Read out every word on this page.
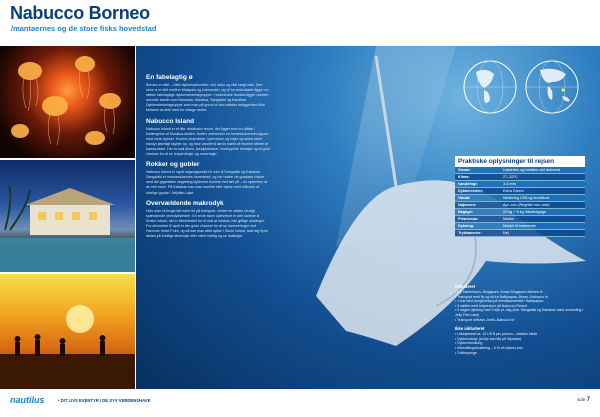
Nabucco Borneo
/mantaernes og de store fisks hovedstad
En fabelagtig ø

Borneo er vildt – vilde dykkeroplevelser, vild natur og vildt langt væk. Den store ø er delt mellem Malaysia og Indonesien, og vil for entusiaster ligger en række fabelagtige dykkersteder/øgrupper. I Indonesisk farvand ligger næsten ukendte steder som Derawan, Maratua, Sangalaki og Kakaban. Dykkersteder/øgrupper som man på grund af den afsides beliggenhed ikke behøver at dele med for mange andre.

Nabucco Island

Nabucco Island er et lille, eksklusivt resort, der ligger som en dråbe i forlængelse af Maratua-atollen. Anden omkranser en forsteskolvrreret lagune med store dybder. Hvorfra amervirker, tyrenokker og hajer og andre store havdyr jævnligt skyder op, og hvor vandet til tørvis mørkt af enorme stimer af barracudaer. Her er wall dives, koralplateauer, hvoltippede revhajer og et godt chancer for at se leopardhajer og nursehajer.

Rokker og gobler

Nabucco Island er også udgangspunkt for ture til Sangalaki og Kakaban. Sangalaki er mantarokkernes hovedstad, og her holder de graciøse rokker med del gigantiske vingefang dykkerne komme helt tæt på – en oplevelse af de helt store. På Kakaban kan man snorkle eller dykke med millioner af ufarlige goplar i Jellyfish Lake.

Overvældende makrodyk

Hvis man vil bruge lidt mere tid på transport, venter en række utroligt spændende oevedykstederr. En af de store oplevelser er den sunkne ø Snake Island, det er tilholdested for et utal af snakes, min giftige seslanger. Fra december til april er der gode chancer for at se hammerhajer ved Hammer Head Point, og så kan man altid dykke i Stone Island, lade sig flyne afsted på kraftige strømdyk eller være heldig og se hvalhajer.

Praktiske oplysninger til rejsen
Visum:	Udstedes og betales ved ankomst
Klima:	27–33°C
Vanddragt:	3-5 mm
Dykkercenter:	Extra Divers
Valuta:	Medbring US$ og kreditkort
Nøjsesen:	Apr–nov (Regntid nov–mar)
Bagage:	20 kg + 5 kg håndbagage
Prisniveau:	Middel
Dykning:	Middel til krævende
Trykkammer:	Nej
Inkluderet
• Fly København–Singapore–Kuala Singapore Airlines t/r
• Transport med fly og bil fra Balikpapan–Berau–Nabucco t/r
• 1 nat med morgenmad på turistklassehotel i Balikpapan
• 9 nætter med helpension på Nabucco Resort
• 5 dages dykning med 3 dyk pr. dag (inkl. Sangalaki og Kakaban samt snorkeling i Jelly Fish Lake)
• Transport lufthavn–hotel–Nabucco t/r
Ikke inkluderet
• Udrejseskat ca. 15 US $ per person – betales lokalt
• Dykkerudstyr (al leje kan fås på Sipadan)
• Dykkerforsikring
• Afbestillingsforsikring – 6 % af rejsens pris
• Drikkepenge
nautilus	• DIT LIVS EVENTYR I DE SYV VERDENSHAVE	side 7
